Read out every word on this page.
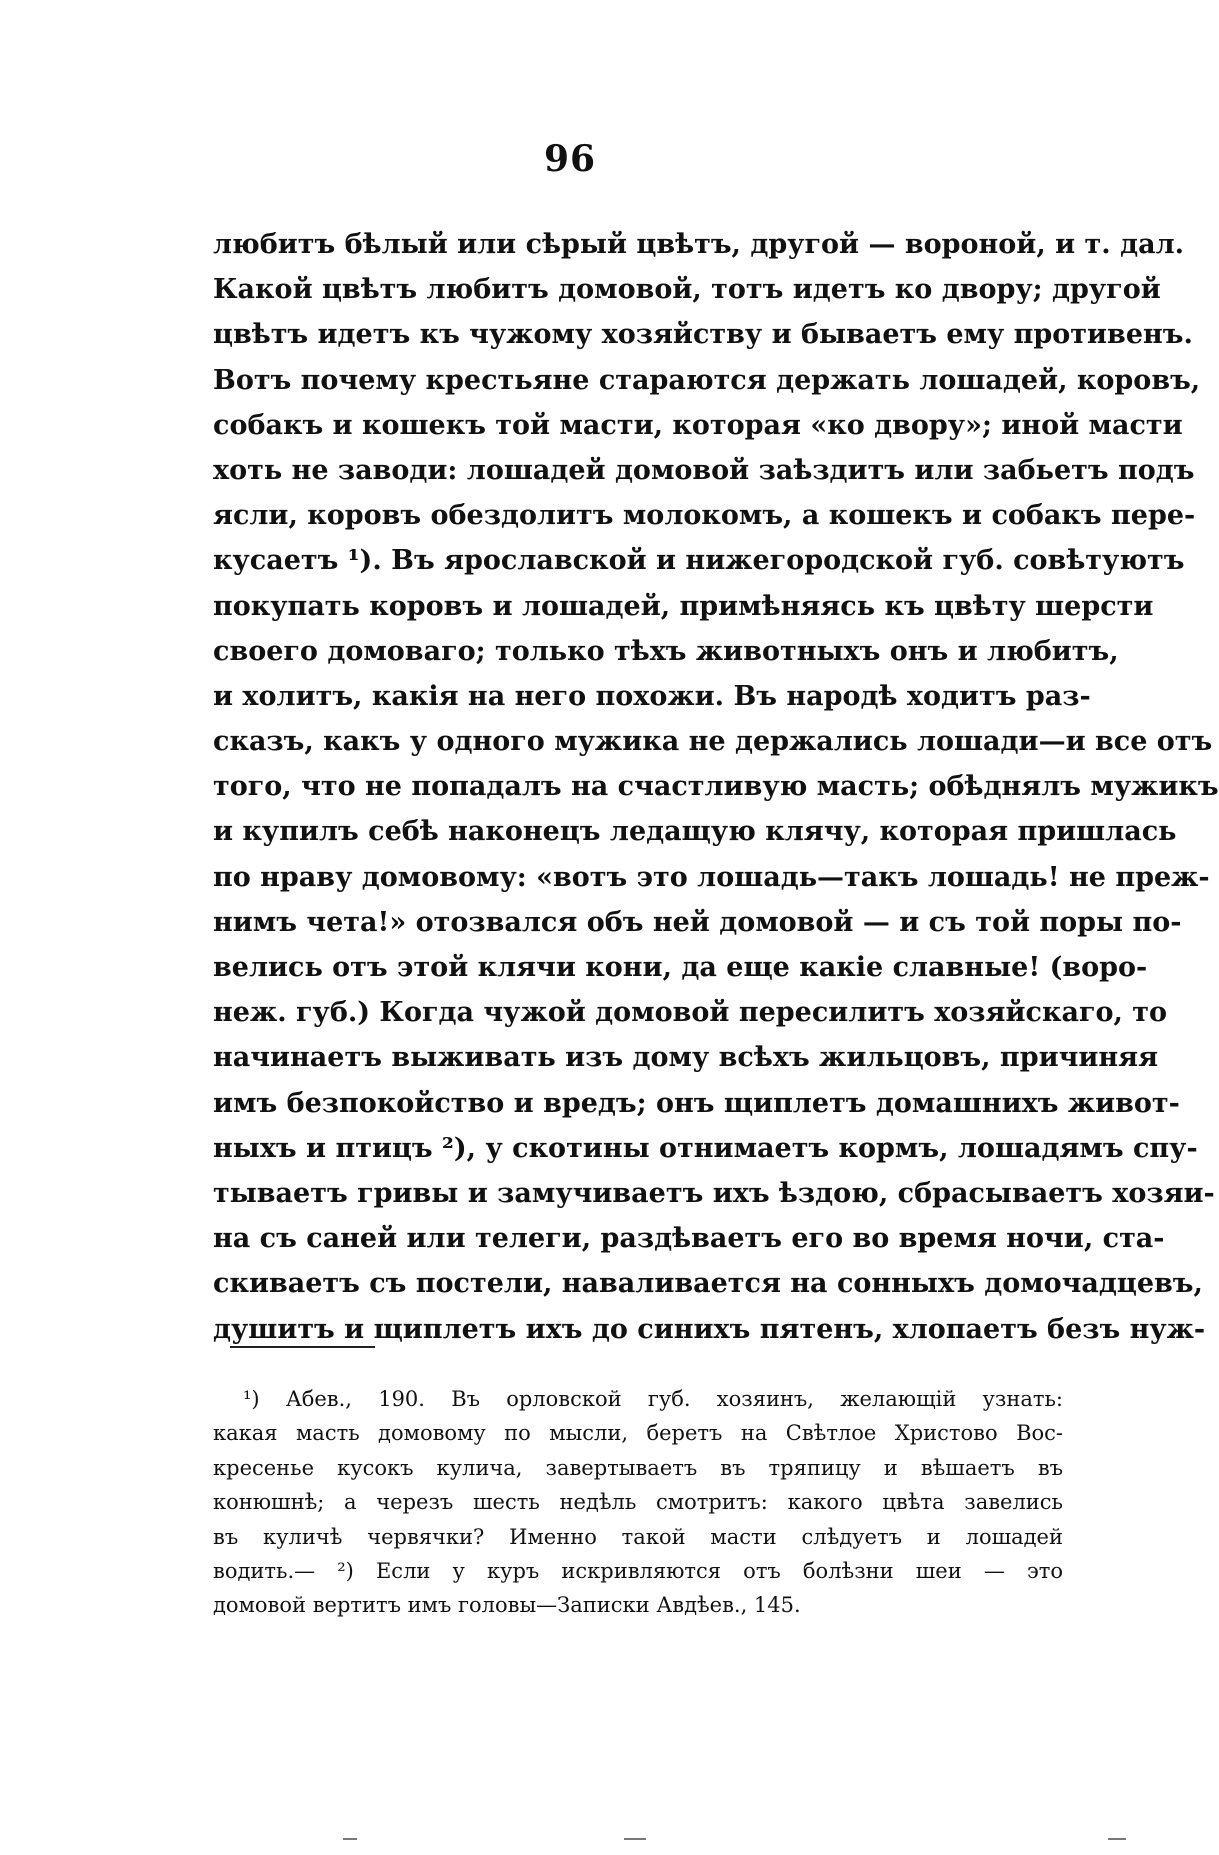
96
любитъ бѣлый или сѣрый цвѣтъ, другой — вороной, и т. дал.
Какой цвѣтъ любитъ домовой, тотъ идетъ ко двору; другой
цвѣтъ идетъ къ чужому хозяйству и бываетъ ему противенъ.
Вотъ почему крестьяне стараются держать лошадей, коровъ,
собакъ и кошекъ той масти, которая «ко двору»; иной масти
хоть не заводи: лошадей домовой заѣздитъ или забьетъ подъ
ясли, коровъ обездолитъ молокомъ, а кошекъ и собакъ пере-
кусаетъ ¹). Въ ярославской и нижегородской губ. совѣтуютъ
покупать коровъ и лошадей, примѣняясь къ цвѣту шерсти
своего домоваго; только тѣхъ животныхъ онъ и любитъ,
и холитъ, какія на него похожи. Въ народѣ ходитъ раз-
сказъ, какъ у одного мужика не держались лошади—и все отъ
того, что не попадалъ на счастливую масть; обѣднялъ мужикъ
и купилъ себѣ наконецъ ледащую клячу, которая пришлась
по нраву домовому: «вотъ это лошадь—такъ лошадь! не преж-
нимъ чета!» отозвался объ ней домовой — и съ той поры по-
велись отъ этой клячи кони, да еще какіе славные! (воро-
неж. губ.) Когда чужой домовой пересилитъ хозяйскаго, то
начинаетъ выживать изъ дому всѣхъ жильцовъ, причиняя
имъ безпокойство и вредъ; онъ щиплетъ домашнихъ живот-
ныхъ и птицъ ²), у скотины отнимаетъ кормъ, лошадямъ спу-
тываетъ гривы и замучиваетъ ихъ ѣздою, сбрасываетъ хозяи-
на съ саней или телеги, раздѣваетъ его во время ночи, ста-
скиваетъ съ постели, наваливается на сонныхъ домочадцевъ,
душитъ и щиплетъ ихъ до синихъ пятенъ, хлопаетъ безъ нуж-
¹) Абев., 190. Въ орловской губ. хозяинъ, желающій узнать:
какая масть домовому по мысли, беретъ на Свѣтлое Христово Вос-
кресенье кусокъ кулича, завертываетъ въ тряпицу и вѣшаетъ въ
конюшнѣ; а черезъ шесть недѣль смотритъ: какого цвѣта завелись
въ куличѣ червячки? Именно такой масти слѣдуетъ и лошадей
водить.— ²) Если у куръ искривляются отъ болѣзни шеи — это
домовой вертитъ имъ головы—Записки Авдѣев., 145.
